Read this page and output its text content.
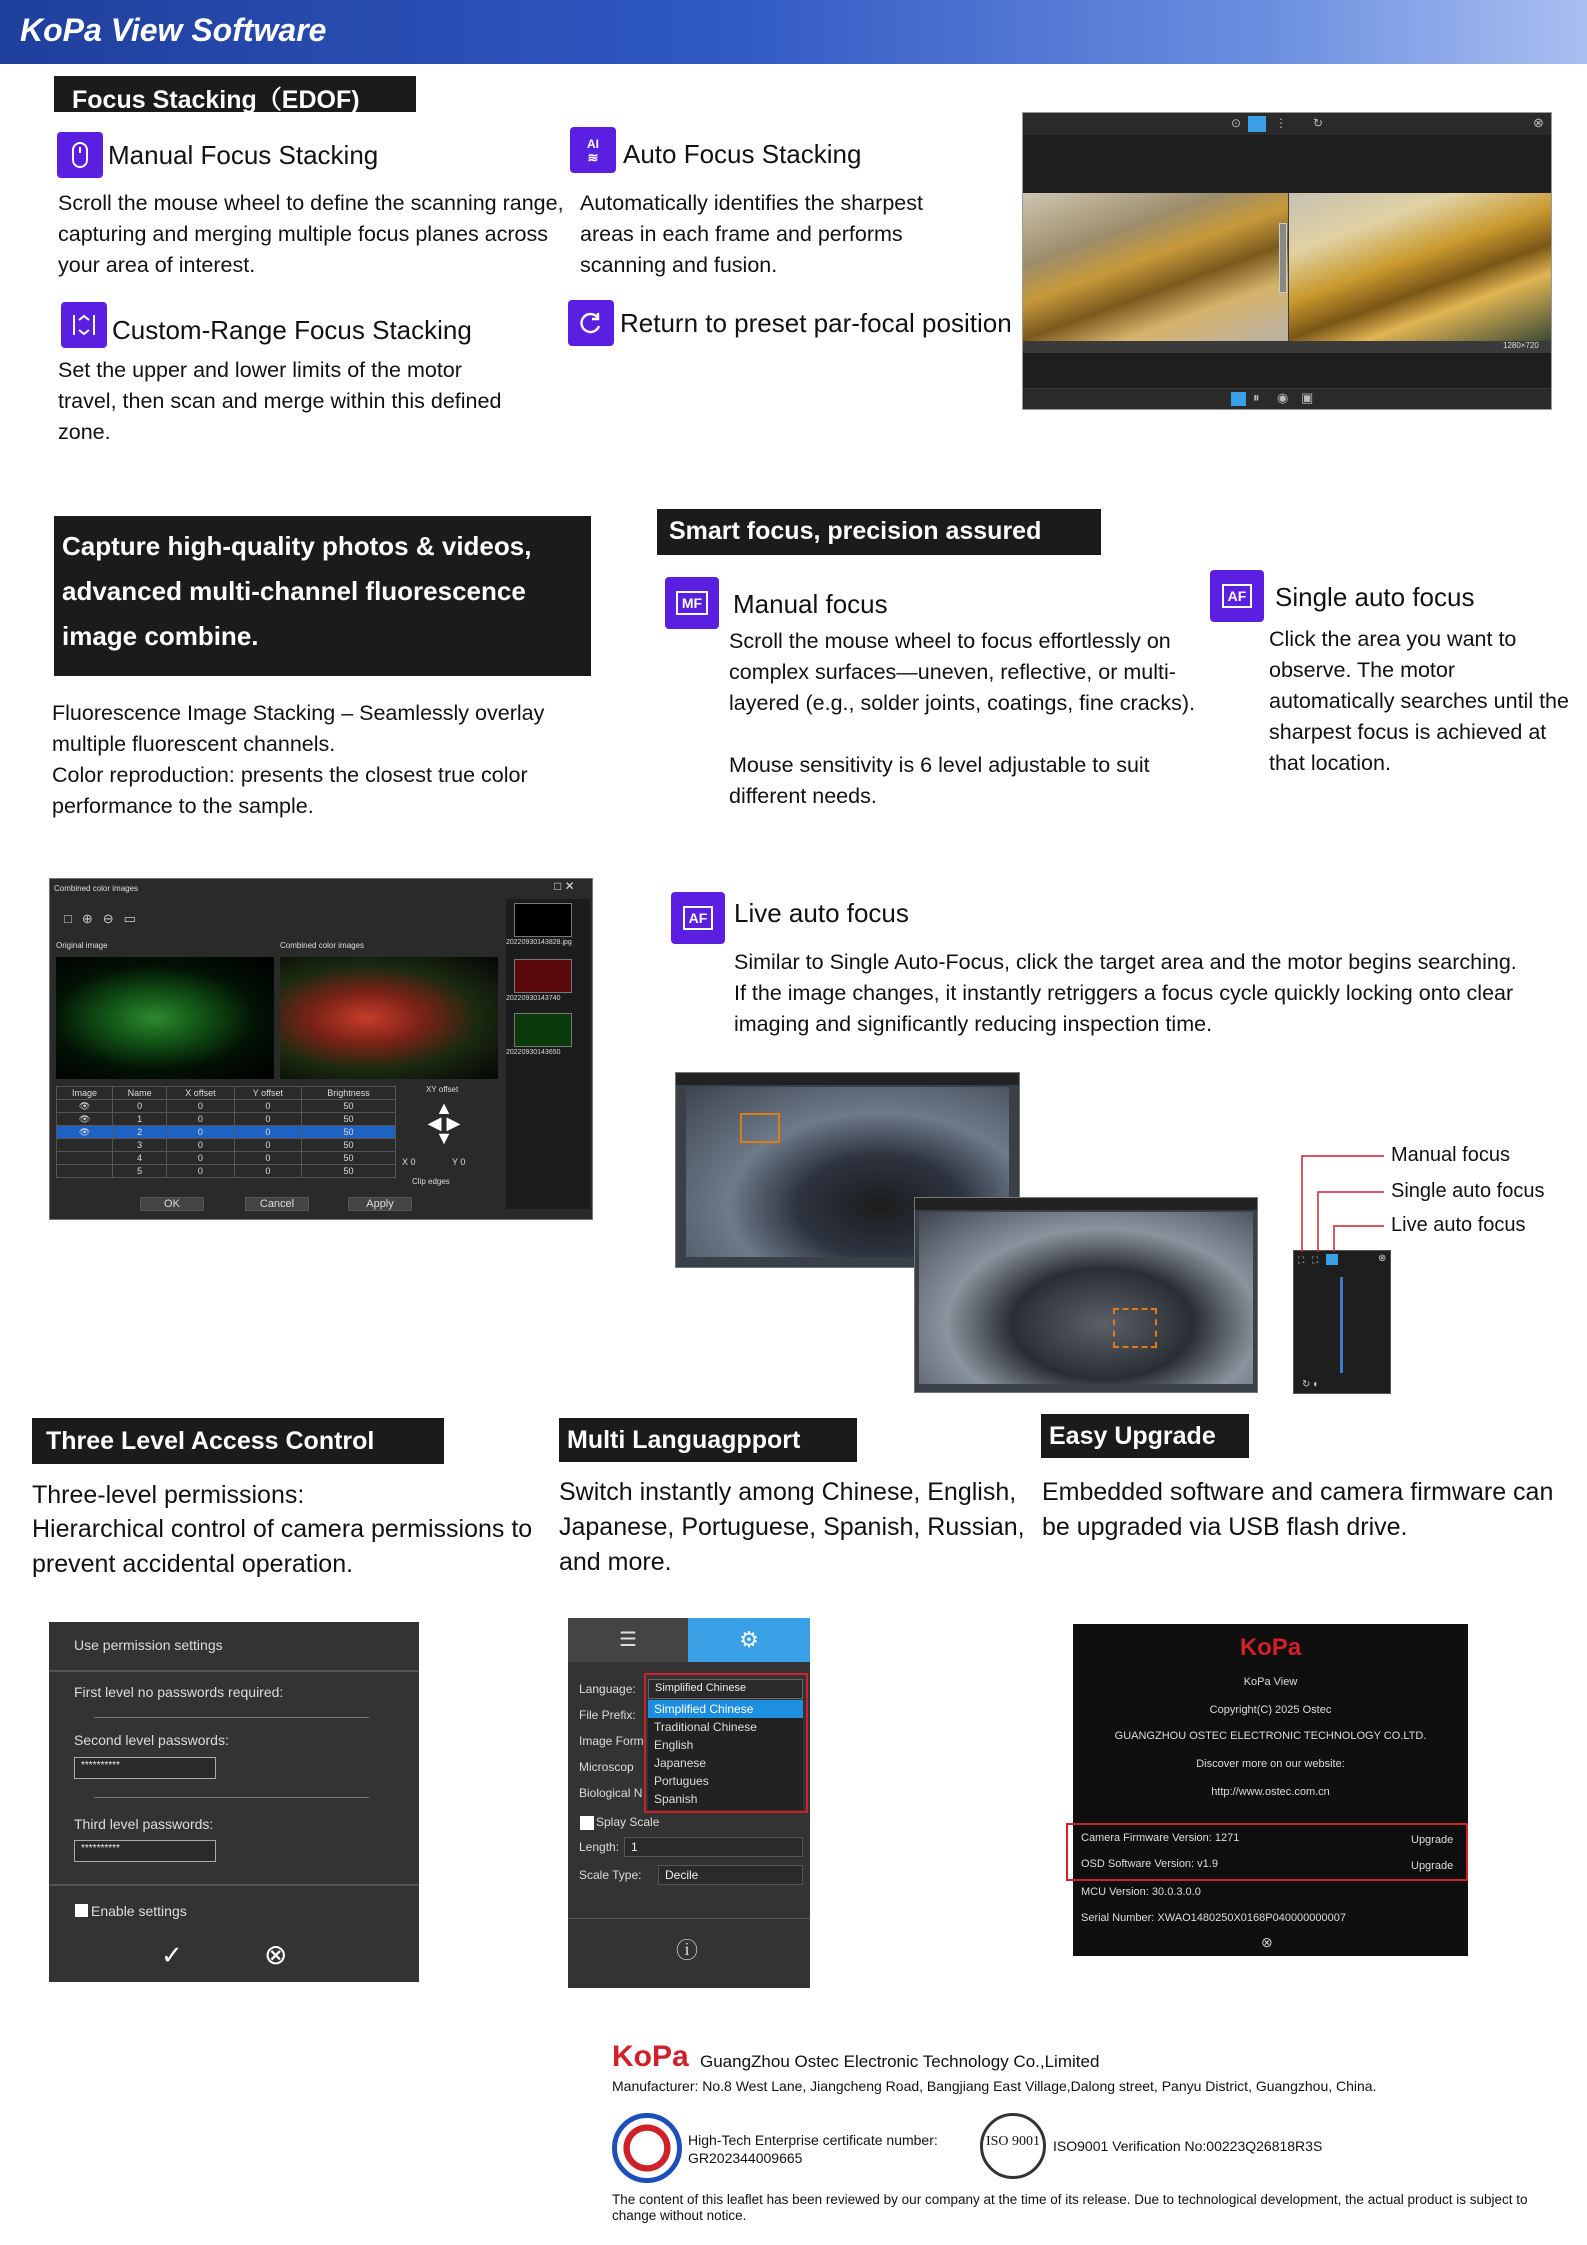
KoPa View Software
Focus Stacking（EDOF)
Manual Focus Stacking
Scroll the mouse wheel to define the scanning range, capturing and merging multiple focus planes across your area of interest.
AI
≋ Auto Focus Stacking
Automatically identifies the sharpest areas in each frame and performs scanning and fusion.
Custom-Range Focus Stacking
Set the upper and lower limits of the motor travel, then scan and merge within this defined zone.
Return to preset par-focal position
⊙	⋮ ↻	⊗
1280×720
⏸ ◉ ▣
Capture high-quality photos & videos,
advanced multi-channel fluorescence
image combine.
Fluorescence Image Stacking – Seamlessly overlay multiple fluorescent channels.
Color reproduction: presents the closest true color performance to the sample.
Combined color images	□ ✕
□⊕⊖▭
Original image	Combined color images	20220930143828.jpg
20220930143740
20220930143650
Image	Name	X offset	Y offset	Brightness
👁	0	0	0	50
👁	1	0	0	50
👁	2	0	0	50
	3	0	0	50
	4	0	0	50
	5	0	0	50
XY offset
▲
◀ ▶
▼
X 0	Y 0
Clip edges
OK	Cancel	Apply
Smart focus, precision assured
MF Manual focus
Scroll the mouse wheel to focus effortlessly on complex surfaces—uneven, reflective, or multi-layered (e.g., solder joints, coatings, fine cracks).
Mouse sensitivity is 6 level adjustable to suit different needs.
AF Single auto focus
Click the area you want to observe. The motor automatically searches until the sharpest focus is achieved at that location.
AF Live auto focus
Similar to Single Auto-Focus, click the target area and the motor begins searching. If the image changes, it instantly retriggers a focus cycle quickly locking onto clear imaging and significantly reducing inspection time.
⛶ ⛶	⊗
↻ ◐
Manual focus
Single auto focus
Live auto focus
Three Level Access Control
Three-level permissions:
Hierarchical control of camera permissions to prevent accidental operation.
Multi Languagpport
Switch instantly among Chinese, English, Japanese, Portuguese, Spanish, Russian, and more.
Easy Upgrade
Embedded software and camera firmware can be upgraded via USB flash drive.
Use permission settings
First level no passwords required:
Second level passwords:
**********
Third level passwords:
**********
Enable settings
✓	⊗
☰	⚙
Language:	Simplified Chinese
File Prefix:
Image Form
Microscop
Biological N
Simplified Chinese
Traditional Chinese
English
Japanese
Portugues
Spanish
Splay Scale
Length: 1
Scale Type:	Decile
ⓘ
KoPa
KoPa View
Copyright(C) 2025 Ostec
GUANGZHOU OSTEC ELECTRONIC TECHNOLOGY CO.LTD.
Discover more on our website:
http://www.ostec.com.cn
Camera Firmware Version: 1271	Upgrade
OSD Software Version: v1.9	Upgrade
MCU Version: 30.0.3.0.0
Serial Number: XWAO1480250X0168P040000000007
⊗
KoPa GuangZhou Ostec Electronic Technology Co.,Limited
Manufacturer: No.8 West Lane, Jiangcheng Road, Bangjiang East Village,Dalong street, Panyu District, Guangzhou, China.
High-Tech Enterprise certificate number:
GR202344009665
ISO 9001 ISO9001 Verification No:00223Q26818R3S
The content of this leaflet has been reviewed by our company at the time of its release. Due to technological development, the actual product is subject to change without notice.
